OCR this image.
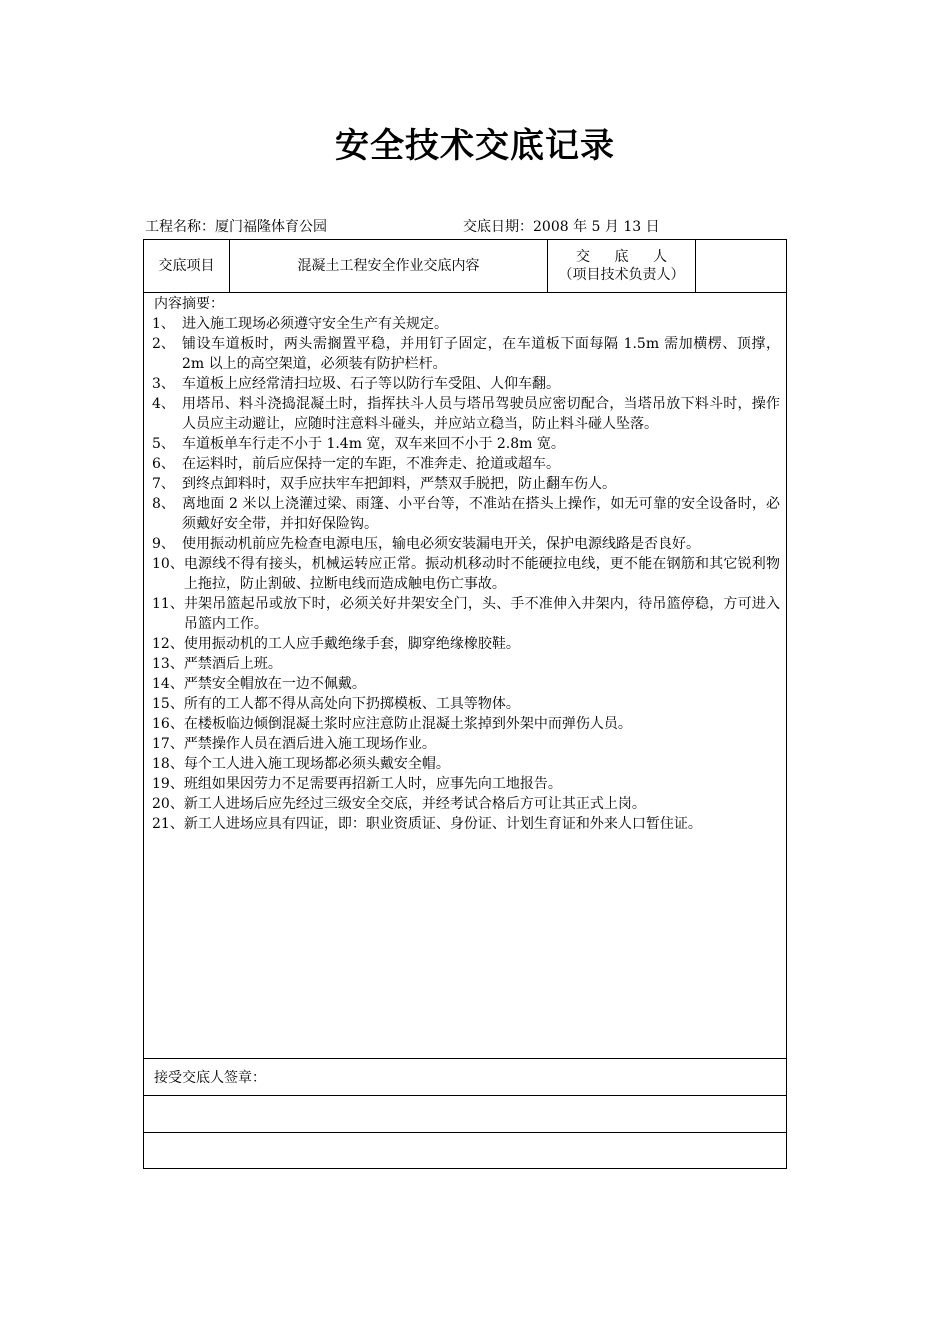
安全技术交底记录
工程名称：厦门福隆体育公园	交底日期：2008 年 5 月 13 日
交底项目	混凝土工程安全作业交底内容
交 底 人
（项目技术负责人）
内容摘要：
1、 进入施工现场必须遵守安全生产有关规定。
2、 铺设车道板时，两头需搁置平稳，并用钉子固定，在车道板下面每隔 1.5m 需加横楞、顶撑，2m 以上的高空架道，必须装有防护栏杆。
3、 车道板上应经常清扫垃圾、石子等以防行车受阻、人仰车翻。
4、 用塔吊、料斗浇捣混凝土时，指挥扶斗人员与塔吊驾驶员应密切配合，当塔吊放下料斗时，操作人员应主动避让，应随时注意料斗碰头，并应站立稳当，防止料斗碰人坠落。
5、 车道板单车行走不小于 1.4m 宽，双车来回不小于 2.8m 宽。
6、 在运料时，前后应保持一定的车距，不准奔走、抢道或超车。
7、 到终点卸料时，双手应扶牢车把卸料，严禁双手脱把，防止翻车伤人。
8、 离地面 2 米以上浇灌过梁、雨篷、小平台等，不准站在搭头上操作，如无可靠的安全设备时，必须戴好安全带，并扣好保险钩。
9、 使用振动机前应先检查电源电压，输电必须安装漏电开关，保护电源线路是否良好。
10、 电源线不得有接头，机械运转应正常。振动机移动时不能硬拉电线，更不能在钢筋和其它锐利物上拖拉，防止割破、拉断电线而造成触电伤亡事故。
11、 井架吊篮起吊或放下时，必须关好井架安全门，头、手不准伸入井架内，待吊篮停稳，方可进入吊篮内工作。
12、 使用振动机的工人应手戴绝缘手套，脚穿绝缘橡胶鞋。
13、 严禁酒后上班。
14、 严禁安全帽放在一边不佩戴。
15、 所有的工人都不得从高处向下扔掷模板、工具等物体。
16、 在楼板临边倾倒混凝土浆时应注意防止混凝土浆掉到外架中而弹伤人员。
17、 严禁操作人员在酒后进入施工现场作业。
18、 每个工人进入施工现场都必须头戴安全帽。
19、 班组如果因劳力不足需要再招新工人时，应事先向工地报告。
20、 新工人进场后应先经过三级安全交底，并经考试合格后方可让其正式上岗。
21、 新工人进场应具有四证，即：职业资质证、身份证、计划生育证和外来人口暂住证。
接受交底人签章：
